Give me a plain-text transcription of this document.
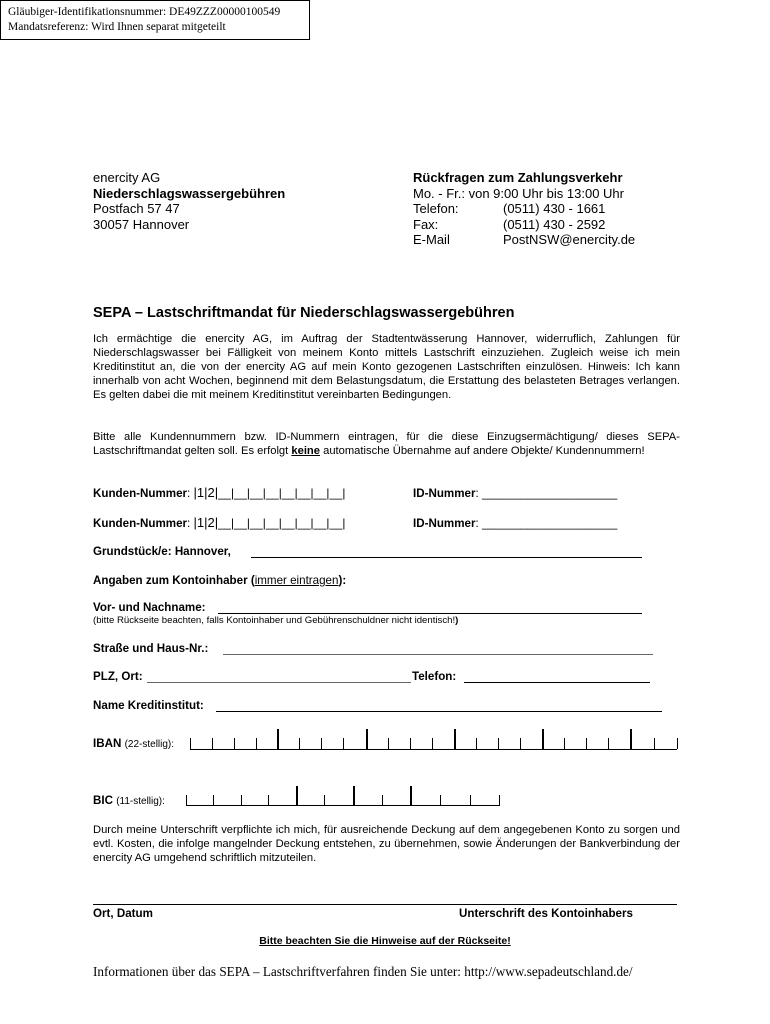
Gläubiger-Identifikationsnummer: DE49ZZZ00000100549
Mandatsreferenz: Wird Ihnen separat mitgeteilt
enercity AG
Niederschlagswassergebühren
Postfach 57 47
30057 Hannover
Rückfragen zum Zahlungsverkehr
Mo. - Fr.: von 9:00 Uhr bis 13:00 Uhr
Telefon:	(0511) 430 - 1661
Fax:	(0511) 430 - 2592
E-Mail	PostNSW@enercity.de
SEPA – Lastschriftmandat für Niederschlagswassergebühren
Ich ermächtige die enercity AG, im Auftrag der Stadtentwässerung Hannover, widerruflich, Zahlungen für Niederschlagswasser bei Fälligkeit von meinem Konto mittels Lastschrift einzuziehen. Zugleich weise ich mein Kreditinstitut an, die von der enercity AG auf mein Konto gezogenen Lastschriften einzulösen. Hinweis: Ich kann innerhalb von acht Wochen, beginnend mit dem Belastungsdatum, die Erstattung des belasteten Betrages verlangen. Es gelten dabei die mit meinem Kreditinstitut vereinbarten Bedingungen.
Bitte alle Kundennummern bzw. ID-Nummern eintragen, für die diese Einzugsermächtigung/ dieses SEPA-Lastschriftmandat gelten soll. Es erfolgt keine automatische Übernahme auf andere Objekte/ Kundennummern!
Kunden-Nummer: |1|2|__|__|__|__|__|__|__|__|	ID-Nummer: _____________________
Kunden-Nummer: |1|2|__|__|__|__|__|__|__|__|	ID-Nummer: _____________________
Grundstück/e: Hannover,
Angaben zum Kontoinhaber (immer eintragen):
Vor- und Nachname:
(bitte Rückseite beachten, falls Kontoinhaber und Gebührenschuldner nicht identisch!)
Straße und Haus-Nr.:
PLZ, Ort:	Telefon:
Name Kreditinstitut:
IBAN (22-stellig):
BIC (11-stellig):
Durch meine Unterschrift verpflichte ich mich, für ausreichende Deckung auf dem angegebenen Konto zu sorgen und evtl. Kosten, die infolge mangelnder Deckung entstehen, zu übernehmen, sowie Änderungen der Bankverbindung der enercity AG umgehend schriftlich mitzuteilen.
Ort, Datum	Unterschrift des Kontoinhabers
Bitte beachten Sie die Hinweise auf der Rückseite!
Informationen über das SEPA – Lastschriftverfahren finden Sie unter: http://www.sepadeutschland.de/
